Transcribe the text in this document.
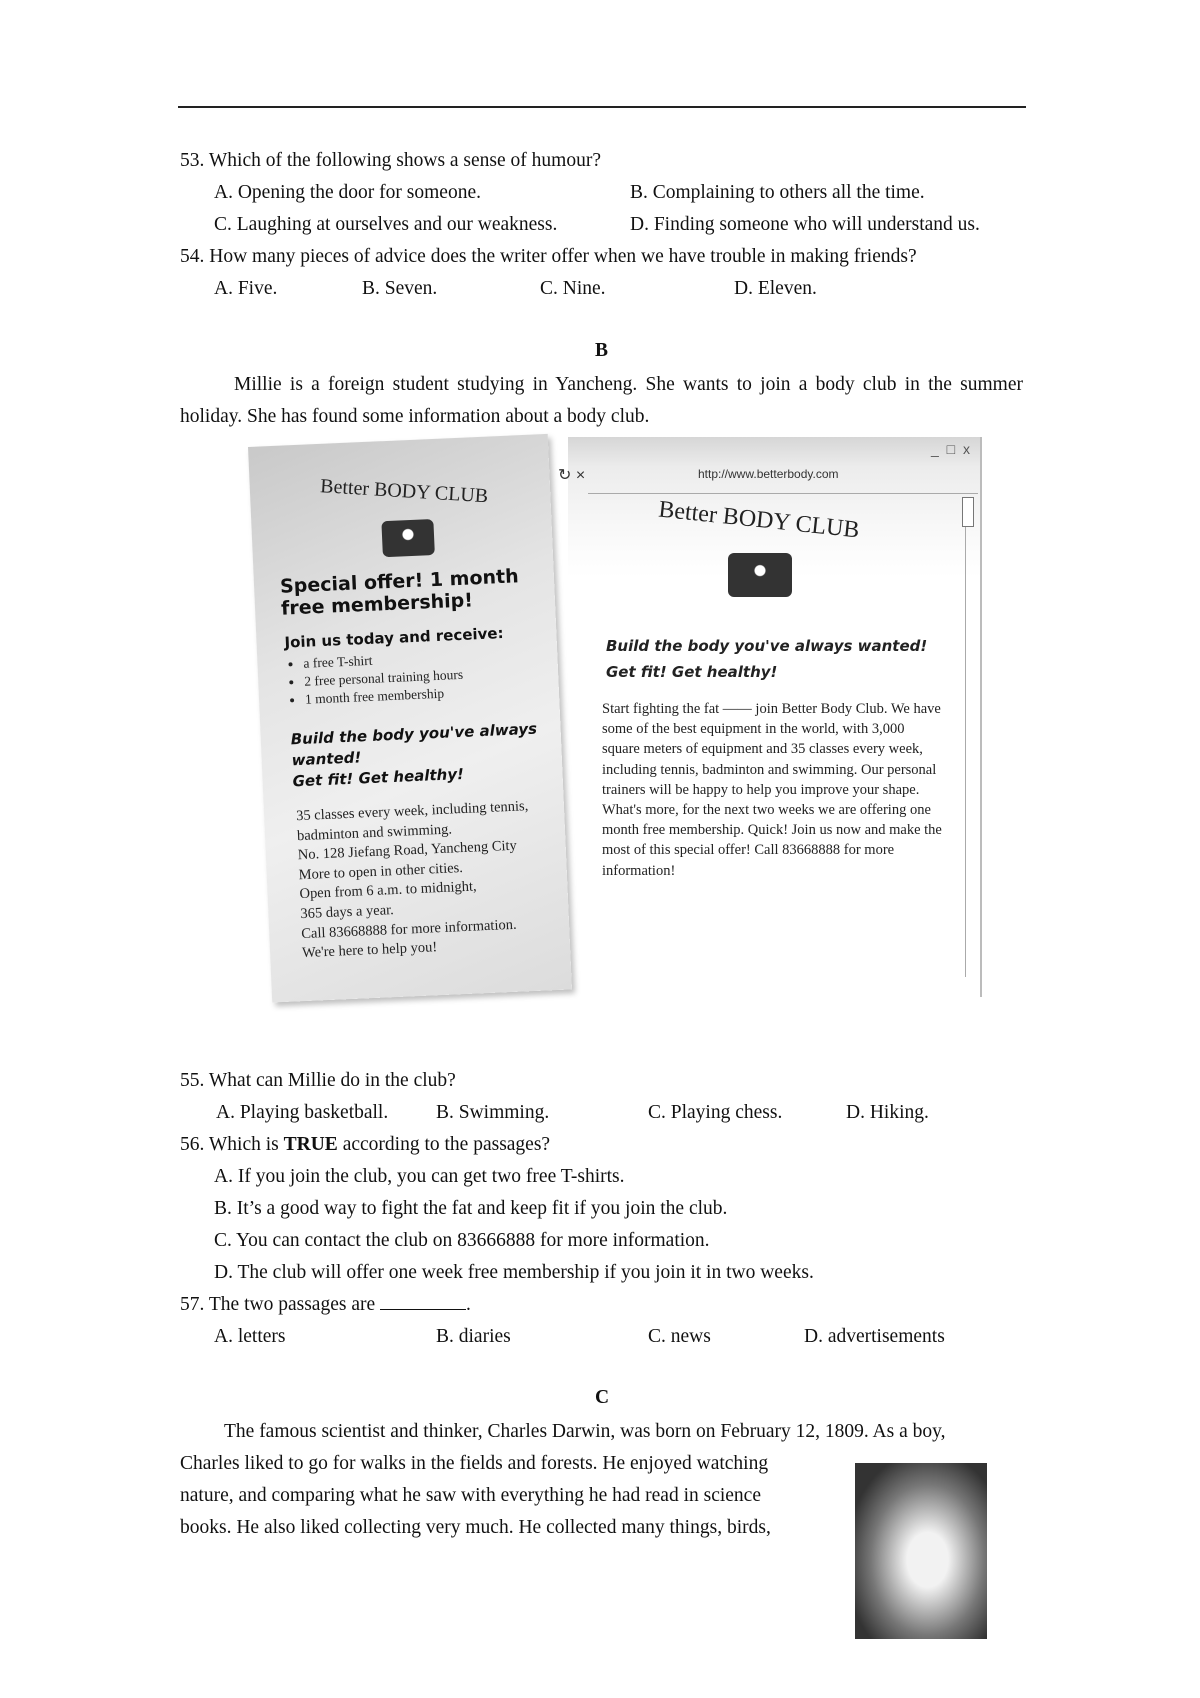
53. Which of the following shows a sense of humour?
A. Opening the door for someone.	B. Complaining to others all the time.
C. Laughing at ourselves and our weakness.	D. Finding someone who will understand us.
54. How many pieces of advice does the writer offer when we have trouble in making friends?
A. Five.	B. Seven.	C. Nine.	D. Eleven.
B
Millie is a foreign student studying in Yancheng. She wants to join a body club in the summer holiday. She has found some information about a body club.
_ □ x
↻ ×	http://www.betterbody.com
Better BODY CLUB
Build the body you've always wanted!
Get fit! Get healthy!
Start fighting the fat —— join Better Body Club. We have some of the best equipment in the world, with 3,000 square meters of equipment and 35 classes every week, including tennis, badminton and swimming. Our personal trainers will be happy to help you improve your shape. What's more, for the next two weeks we are offering one month free membership. Quick! Join us now and make the most of this special offer! Call 83668888 for more information!
Better BODY CLUB
Special offer! 1 month free membership!
Join us today and receive:
• a free T-shirt
• 2 free personal training hours
• 1 month free membership
Build the body you've always wanted!
Get fit! Get healthy!
35 classes every week, including tennis,
badminton and swimming.
No. 128 Jiefang Road, Yancheng City
More to open in other cities.
Open from 6 a.m. to midnight,
365 days a year.
Call 83668888 for more information.
We're here to help you!
55. What can Millie do in the club?
A. Playing basketball. B. Swimming.	C. Playing chess.	D. Hiking.
56. Which is TRUE according to the passages?
A. If you join the club, you can get two free T-shirts.
B. It’s a good way to fight the fat and keep fit if you join the club.
C. You can contact the club on 83666888 for more information.
D. The club will offer one week free membership if you join it in two weeks.
57. The two passages are	.
A. letters	B. diaries	C. news	D. advertisements
C
The famous scientist and thinker, Charles Darwin, was born on February 12, 1809. As a boy,
Charles liked to go for walks in the fields and forests. He enjoyed watching
nature, and comparing what he saw with everything he had read in science
books. He also liked collecting very much. He collected many things, birds,
